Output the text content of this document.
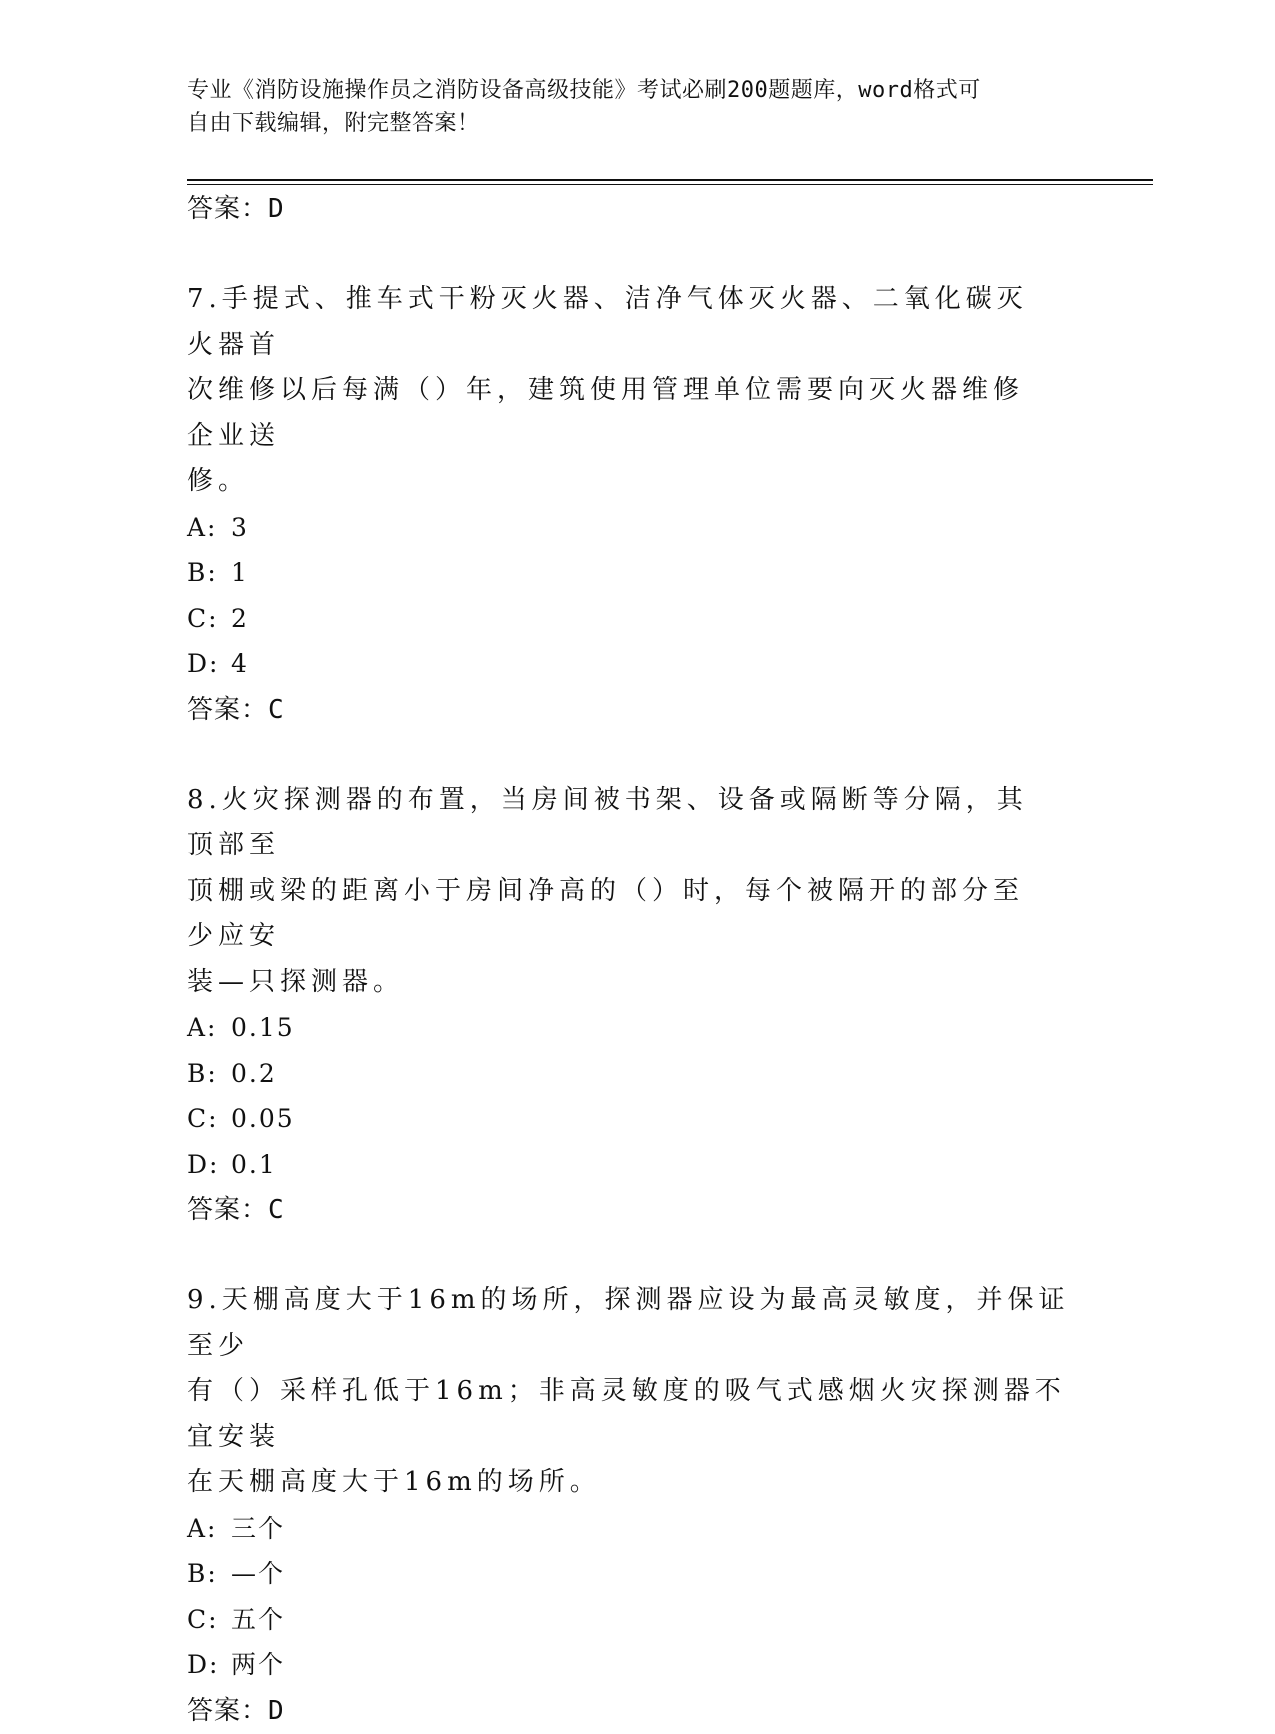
专业《消防设施操作员之消防设备高级技能》考试必刷200题题库，word格式可
自由下载编辑，附完整答案！
答案：D
7.手提式、推车式干粉灭火器、洁净气体灭火器、二氧化碳灭火器首
次维修以后每满（）年，建筑使用管理单位需要向灭火器维修企业送
修。
A: 3
B: 1
C: 2
D: 4
答案：C
8.火灾探测器的布置，当房间被书架、设备或隔断等分隔，其顶部至
顶棚或梁的距离小于房间净高的（）时，每个被隔开的部分至少应安
装—只探测器。
A: 0.15
B: 0.2
C: 0.05
D: 0.1
答案：C
9.天棚高度大于16m的场所，探测器应设为最高灵敏度，并保证至少
有（）采样孔低于16m；非高灵敏度的吸气式感烟火灾探测器不宜安装
在天棚高度大于16m的场所。
A: 三个
B: —个
C: 五个
D: 两个
答案：D
